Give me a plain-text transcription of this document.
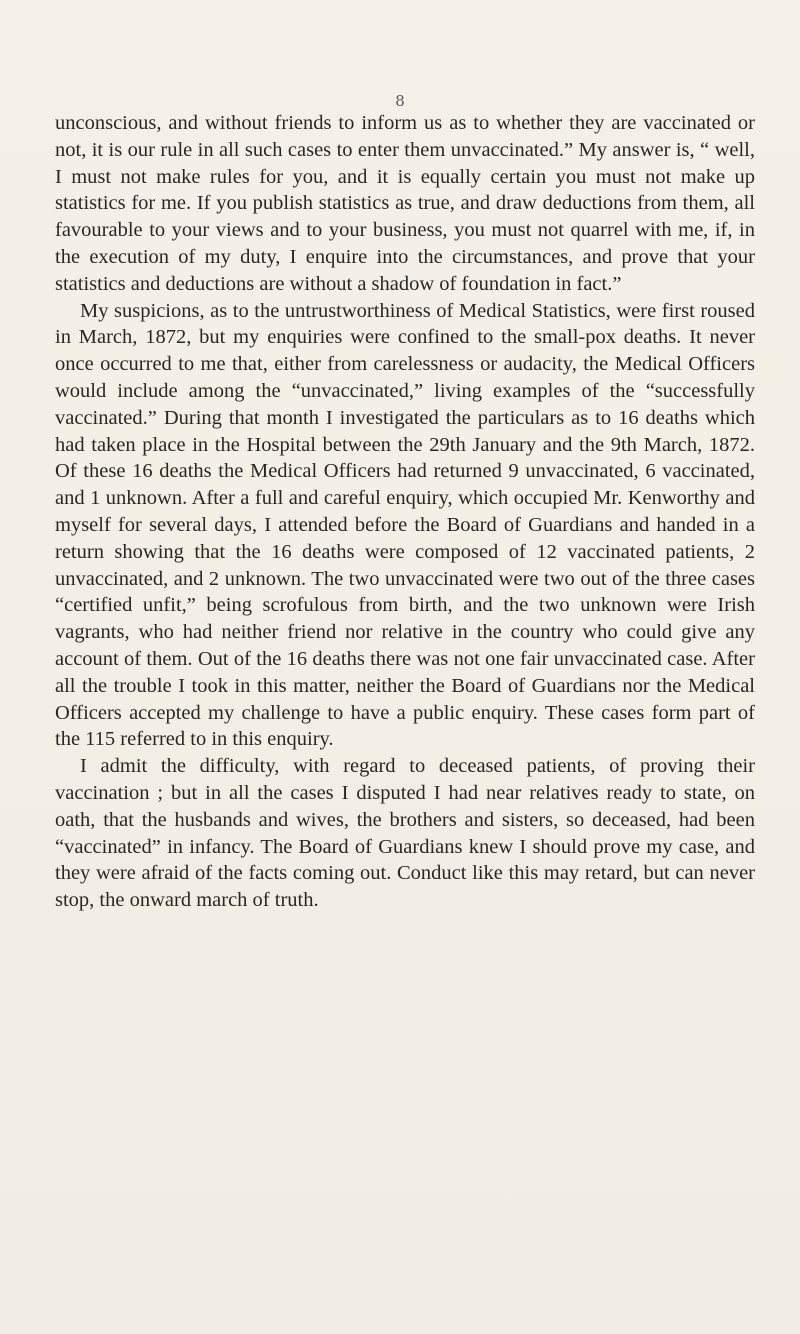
8

unconscious, and without friends to inform us as to whether they are vaccinated or not, it is our rule in all such cases to enter them unvaccinated.” My answer is, “ well, I must not make rules for you, and it is equally certain you must not make up statistics for me. If you publish statistics as true, and draw deductions from them, all favourable to your views and to your business, you must not quarrel with me, if, in the execution of my duty, I enquire into the circumstances, and prove that your statistics and deductions are without a shadow of foundation in fact.”

My suspicions, as to the untrustworthiness of Medical Statistics, were first roused in March, 1872, but my enquiries were confined to the small-pox deaths. It never once occurred to me that, either from carelessness or audacity, the Medical Officers would include among the “unvaccinated,” living examples of the “successfully vaccinated.” During that month I investigated the particulars as to 16 deaths which had taken place in the Hospital between the 29th January and the 9th March, 1872. Of these 16 deaths the Medical Officers had returned 9 unvaccinated, 6 vaccinated, and 1 unknown. After a full and careful enquiry, which occupied Mr. Kenworthy and myself for several days, I attended before the Board of Guardians and handed in a return showing that the 16 deaths were composed of 12 vaccinated patients, 2 unvaccinated, and 2 unknown. The two unvaccinated were two out of the three cases “certified unfit,” being scrofulous from birth, and the two unknown were Irish vagrants, who had neither friend nor relative in the country who could give any account of them. Out of the 16 deaths there was not one fair unvaccinated case. After all the trouble I took in this matter, neither the Board of Guardians nor the Medical Officers accepted my challenge to have a public enquiry. These cases form part of the 115 referred to in this enquiry.

I admit the difficulty, with regard to deceased patients, of proving their vaccination ; but in all the cases I disputed I had near relatives ready to state, on oath, that the husbands and wives, the brothers and sisters, so deceased, had been “vaccinated” in infancy. The Board of Guardians knew I should prove my case, and they were afraid of the facts coming out. Conduct like this may retard, but can never stop, the onward march of truth.
